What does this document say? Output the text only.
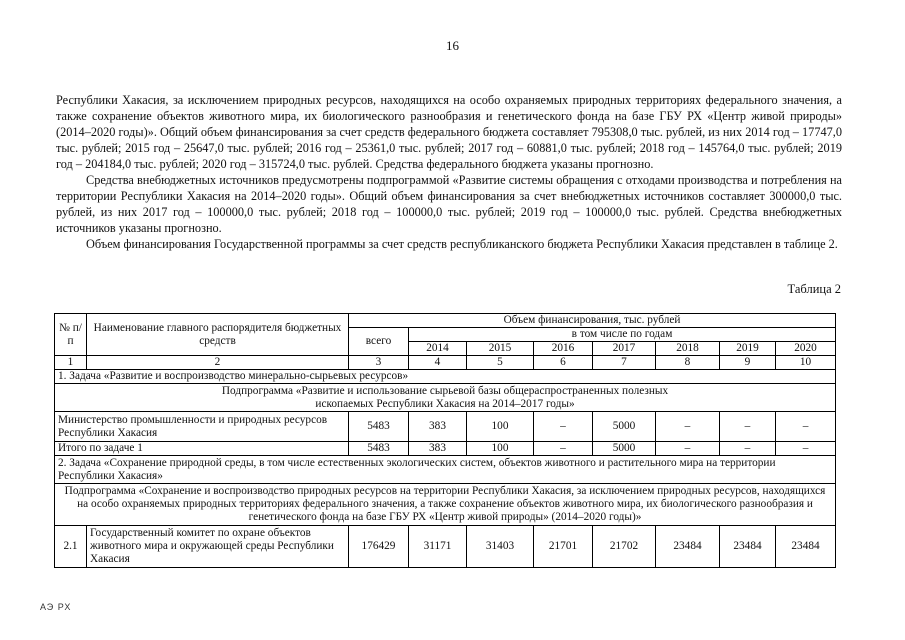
16

Республики Хакасия, за исключением природных ресурсов, находящихся на особо охраняемых природных территориях федерального значения, а также сохранение объектов животного мира, их биологического разнообразия и генетического фонда на базе ГБУ РХ «Центр живой природы» (2014–2020 годы)». Общий объем финансирования за счет средств федерального бюджета составляет 795308,0 тыс. рублей, из них 2014 год – 17747,0 тыс. рублей; 2015 год – 25647,0 тыс. рублей; 2016 год – 25361,0 тыс. рублей; 2017 год – 60881,0 тыс. рублей; 2018 год – 145764,0 тыс. рублей; 2019 год – 204184,0 тыс. рублей; 2020 год – 315724,0 тыс. рублей. Средства федерального бюджета указаны прогнозно.

Средства внебюджетных источников предусмотрены подпрограммой «Развитие системы обращения с отходами производства и потребления на территории Республики Хакасия на 2014–2020 годы». Общий объем финансирования за счет внебюджетных источников составляет 300000,0 тыс. рублей, из них 2017 год – 100000,0 тыс. рублей; 2018 год – 100000,0 тыс. рублей; 2019 год – 100000,0 тыс. рублей. Средства внебюджетных источников указаны прогнозно.

Объем финансирования Государственной программы за счет средств республиканского бюджета Республики Хакасия представлен в таблице 2.

Таблица 2
№ п/п	Наименование главного распорядителя бюджетных средств	Объем финансирования, тыс. рублей							
		всего	в том числе по годам						
			2014	2015	2016	2017	2018	2019	2020
1	2	3	4	5	6	7	8	9	10
1. Задача «Развитие и воспроизводство минерально-сырьевых ресурсов»									
Подпрограмма «Развитие и использование сырьевой базы общераспространенных полезных ископаемых Республики Хакасия на 2014–2017 годы»									
Министерство промышленности и природных ресурсов Республики Хакасия		5483	383	100	–	5000	–	–	–
Итого по задаче 1		5483	383	100	–	5000	–	–	–
2. Задача «Сохранение природной среды, в том числе естественных экологических систем, объектов животного и растительного мира на территории Республики Хакасия»									
Подпрограмма «Сохранение и воспроизводство природных ресурсов на территории Республики Хакасия, за исключением природных ресурсов, находящихся на особо охраняемых природных территориях федерального значения, а также сохранение объектов животного мира, их биологического разнообразия и генетического фонда на базе ГБУ РХ «Центр живой природы» (2014–2020 годы)»									
2.1	Государственный комитет по охране объектов животного мира и окружающей среды Республики Хакасия	176429	31171	31403	21701	21702	23484	23484	23484
АЭ РХ
